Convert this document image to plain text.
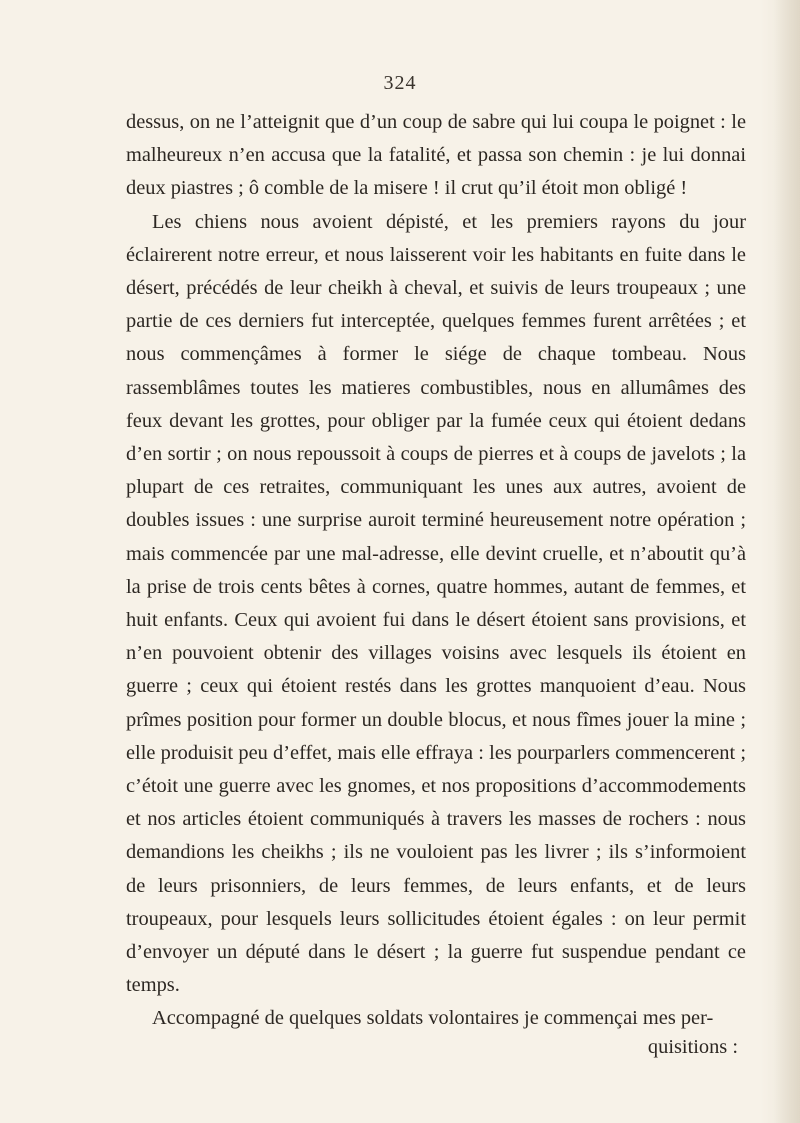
324

dessus, on ne l’atteignit que d’un coup de sabre qui lui coupa le poignet : le malheureux n’en accusa que la fatalité, et passa son chemin : je lui donnai deux piastres ; ô comble de la misere ! il crut qu’il étoit mon obligé !

Les chiens nous avoient dépisté, et les premiers rayons du jour éclairerent notre erreur, et nous laisserent voir les habitants en fuite dans le désert, précédés de leur cheikh à cheval, et suivis de leurs troupeaux ; une partie de ces derniers fut interceptée, quelques femmes furent arrêtées ; et nous commençâmes à former le siége de chaque tombeau. Nous rassemblâmes toutes les matieres combustibles, nous en allumâmes des feux devant les grottes, pour obliger par la fumée ceux qui étoient dedans d’en sortir ; on nous repoussoit à coups de pierres et à coups de javelots ; la plupart de ces retraites, communiquant les unes aux autres, avoient de doubles issues : une surprise auroit terminé heureusement notre opération ; mais commencée par une mal-adresse, elle devint cruelle, et n’aboutit qu’à la prise de trois cents bêtes à cornes, quatre hommes, autant de femmes, et huit enfants. Ceux qui avoient fui dans le désert étoient sans provisions, et n’en pouvoient obtenir des villages voisins avec lesquels ils étoient en guerre ; ceux qui étoient restés dans les grottes manquoient d’eau. Nous prîmes position pour former un double blocus, et nous fîmes jouer la mine ; elle produisit peu d’effet, mais elle effraya : les pourparlers commencerent ; c’étoit une guerre avec les gnomes, et nos propositions d’accommodements et nos articles étoient communiqués à travers les masses de rochers : nous demandions les cheikhs ; ils ne vouloient pas les livrer ; ils s’informoient de leurs prisonniers, de leurs femmes, de leurs enfants, et de leurs troupeaux, pour lesquels leurs sollicitudes étoient égales : on leur permit d’envoyer un député dans le désert ; la guerre fut suspendue pendant ce temps.

Accompagné de quelques soldats volontaires je commençai mes per-

quisitions :
